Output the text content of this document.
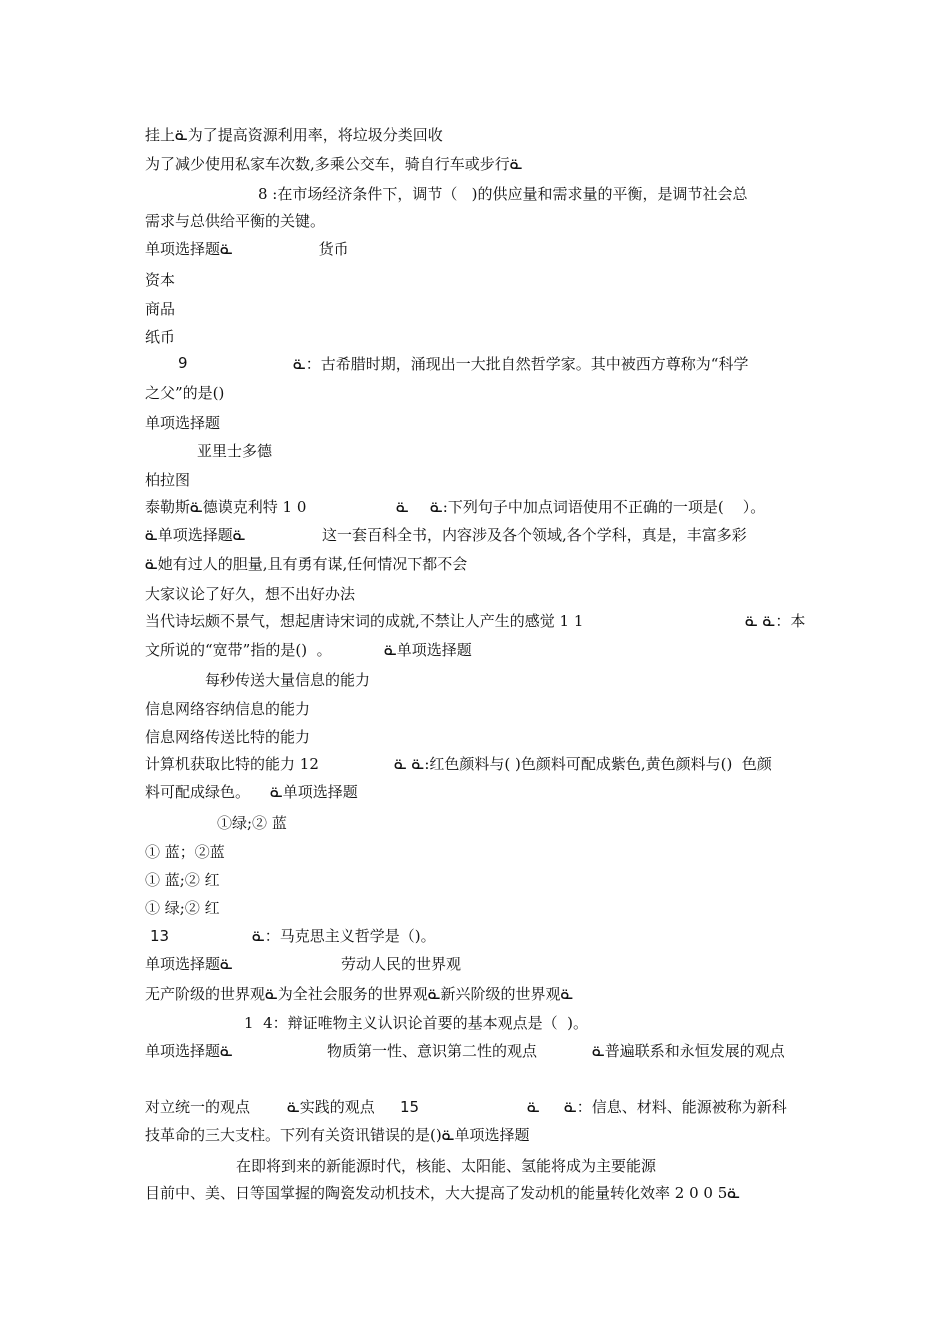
挂上ᓏ为了提高资源利用率，将垃圾分类回收
为了减少使用私家车次数,多乘公交车，骑自行车或步行ᓏ
8 :在市场经济条件下，调节（   )的供应量和需求量的平衡，是调节社会总
需求与总供给平衡的关键。
单项选择题ᓏ                  货币
资本
商品
纸币
9	ᓏ：古希腊时期，涌现出一大批自然哲学家。其中被西方尊称为“科学
之父”的是()
单项选择题
亚里士多德
柏拉图
泰勒斯ᓏ德谟克利特 1 0	ᓏ ᓏ:下列句子中加点词语使用不正确的一项是(    ）。
ᓏ单项选择题ᓏ	这一套百科全书，内容涉及各个领域,各个学科，真是，丰富多彩
ᓏ她有过人的胆量,且有勇有谋,任何情况下都不会
大家议论了好久，想不出好办法
当代诗坛颇不景气，想起唐诗宋词的成就,不禁让人产生的感觉 1 1	ᓏ ᓏ：本
文所说的“宽带”指的是()  。	ᓏ单项选择题
每秒传送大量信息的能力
信息网络容纳信息的能力
信息网络传送比特的能力
计算机获取比特的能力 12	ᓏ ᓏ:红色颜料与( )色颜料可配成紫色,黄色颜料与()  色颜
料可配成绿色。 ᓏ单项选择题
①绿;② 蓝
① 蓝；②蓝
① 蓝;② 红
① 绿;② 红
13	ᓏ：马克思主义哲学是（)。
单项选择题ᓏ	劳动人民的世界观
无产阶级的世界观ᓏ为全社会服务的世界观ᓏ新兴阶级的世界观ᓏ
1  4：辩证唯物主义认识论首要的基本观点是（  )。
单项选择题ᓏ	物质第一性、意识第二性的观点	ᓏ普遍联系和永恒发展的观点
对立统一的观点 ᓏ实践的观点 15	ᓏ ᓏ：信息、材料、能源被称为新科
技革命的三大支柱。下列有关资讯错误的是()ᓏ单项选择题
在即将到来的新能源时代，核能、太阳能、氢能将成为主要能源
目前中、美、日等国掌握的陶瓷发动机技术，大大提高了发动机的能量转化效率 2 0 0 5ᓏ
